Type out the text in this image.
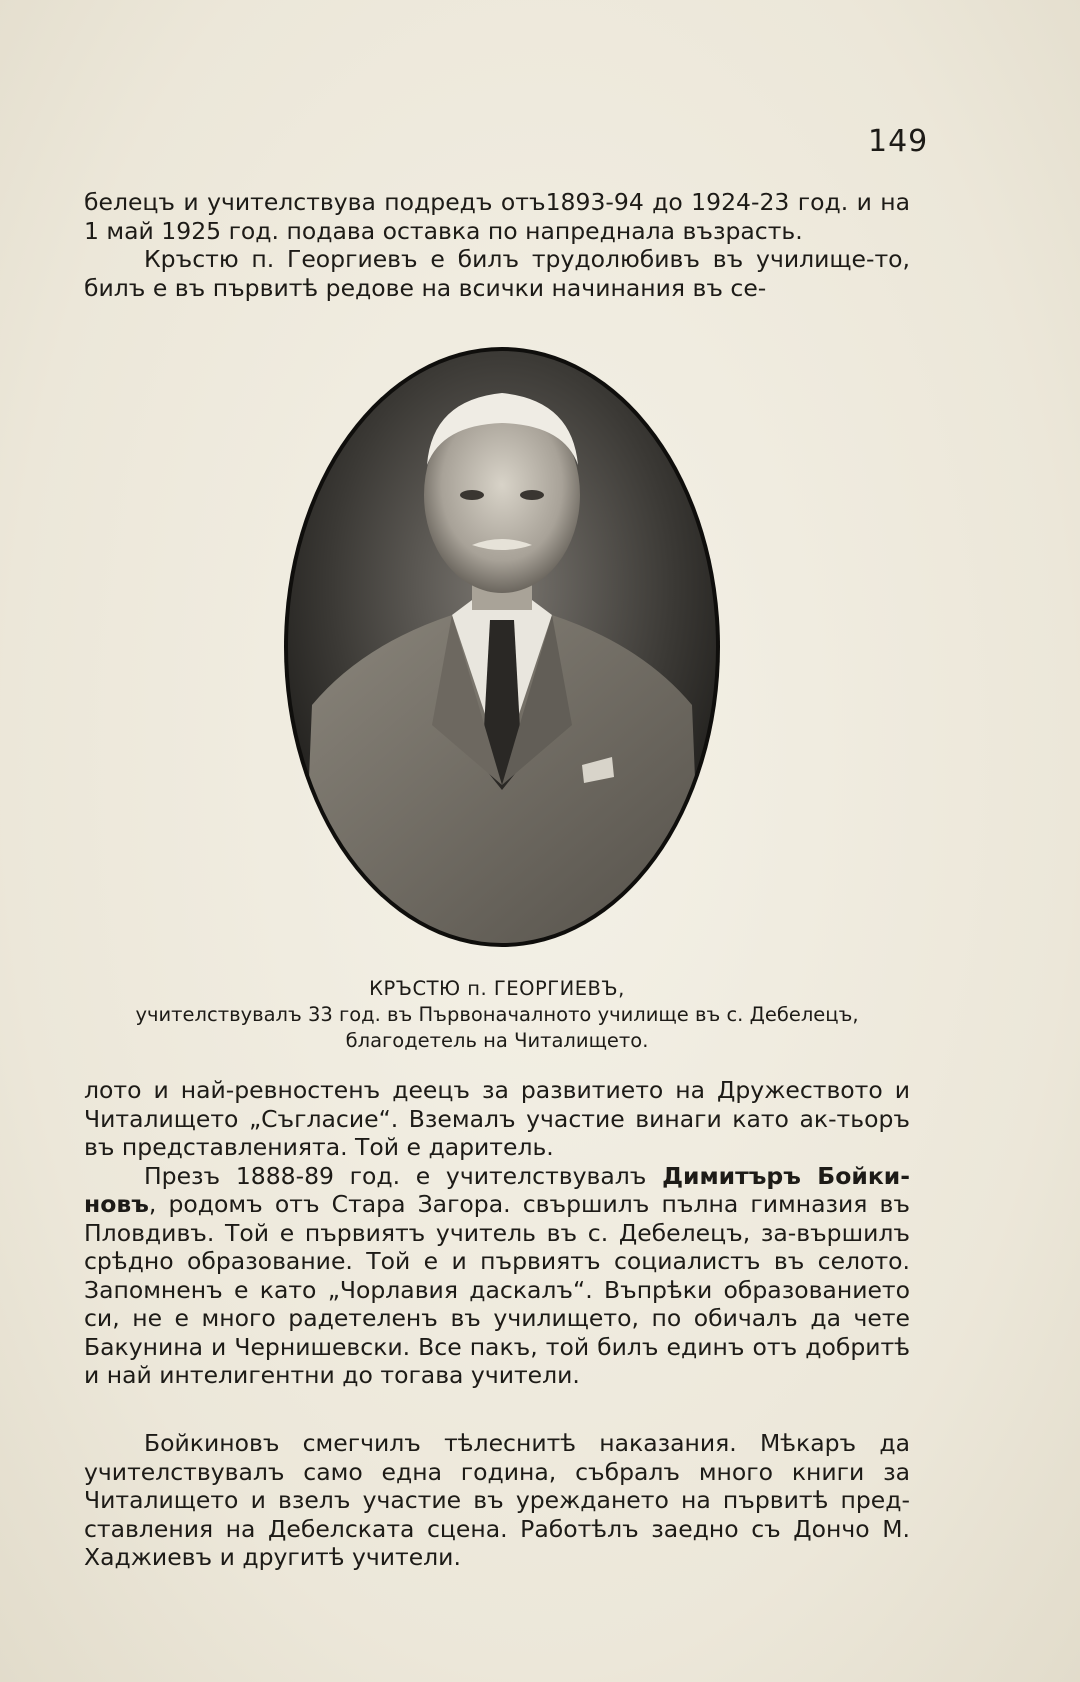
149

белецъ и учителствува подредъ отъ1893-94 до 1924-23 год. и на 1 май 1925 год. подава оставка по напреднала възрасть.

Кръстю п. Георгиевъ е билъ трудолюбивъ въ училище-то, билъ е въ първитѣ редове на всички начинания въ се-

КРЪСТЮ п. ГЕОРГИЕВЪ,
учителствувалъ 33 год. въ Първоначалното училище въ с. Дебелецъ,
благодетель на Читалището.

лото и най-ревностенъ деецъ за развитието на Дружеството и Читалището „Съгласие“. Вземалъ участие винаги като ак-тьоръ въ представленията. Той е даритель.

Презъ 1888-89 год. е учителствувалъ Димитъръ Бойки-новъ, родомъ отъ Стара Загора. свършилъ пълна гимназия въ Пловдивъ. Той е първиятъ учитель въ с. Дебелецъ, за-вършилъ срѣдно образование. Той е и първиятъ социалистъ въ селото. Запомненъ е като „Чорлавия даскалъ“. Въпрѣки образованието си, не е много радетеленъ въ училището, по обичалъ да чете Бакунина и Чернишевски. Все пакъ, той билъ единъ отъ добритѣ и най интелигентни до тогава учители.

Бойкиновъ смегчилъ тѣлеснитѣ наказания. Мѣкаръ да учителствувалъ само една година, събралъ много книги за Читалището и взелъ участие въ уреждането на първитѣ пред-ставления на Дебелската сцена. Работѣлъ заедно съ Дончо М. Хаджиевъ и другитѣ учители.
